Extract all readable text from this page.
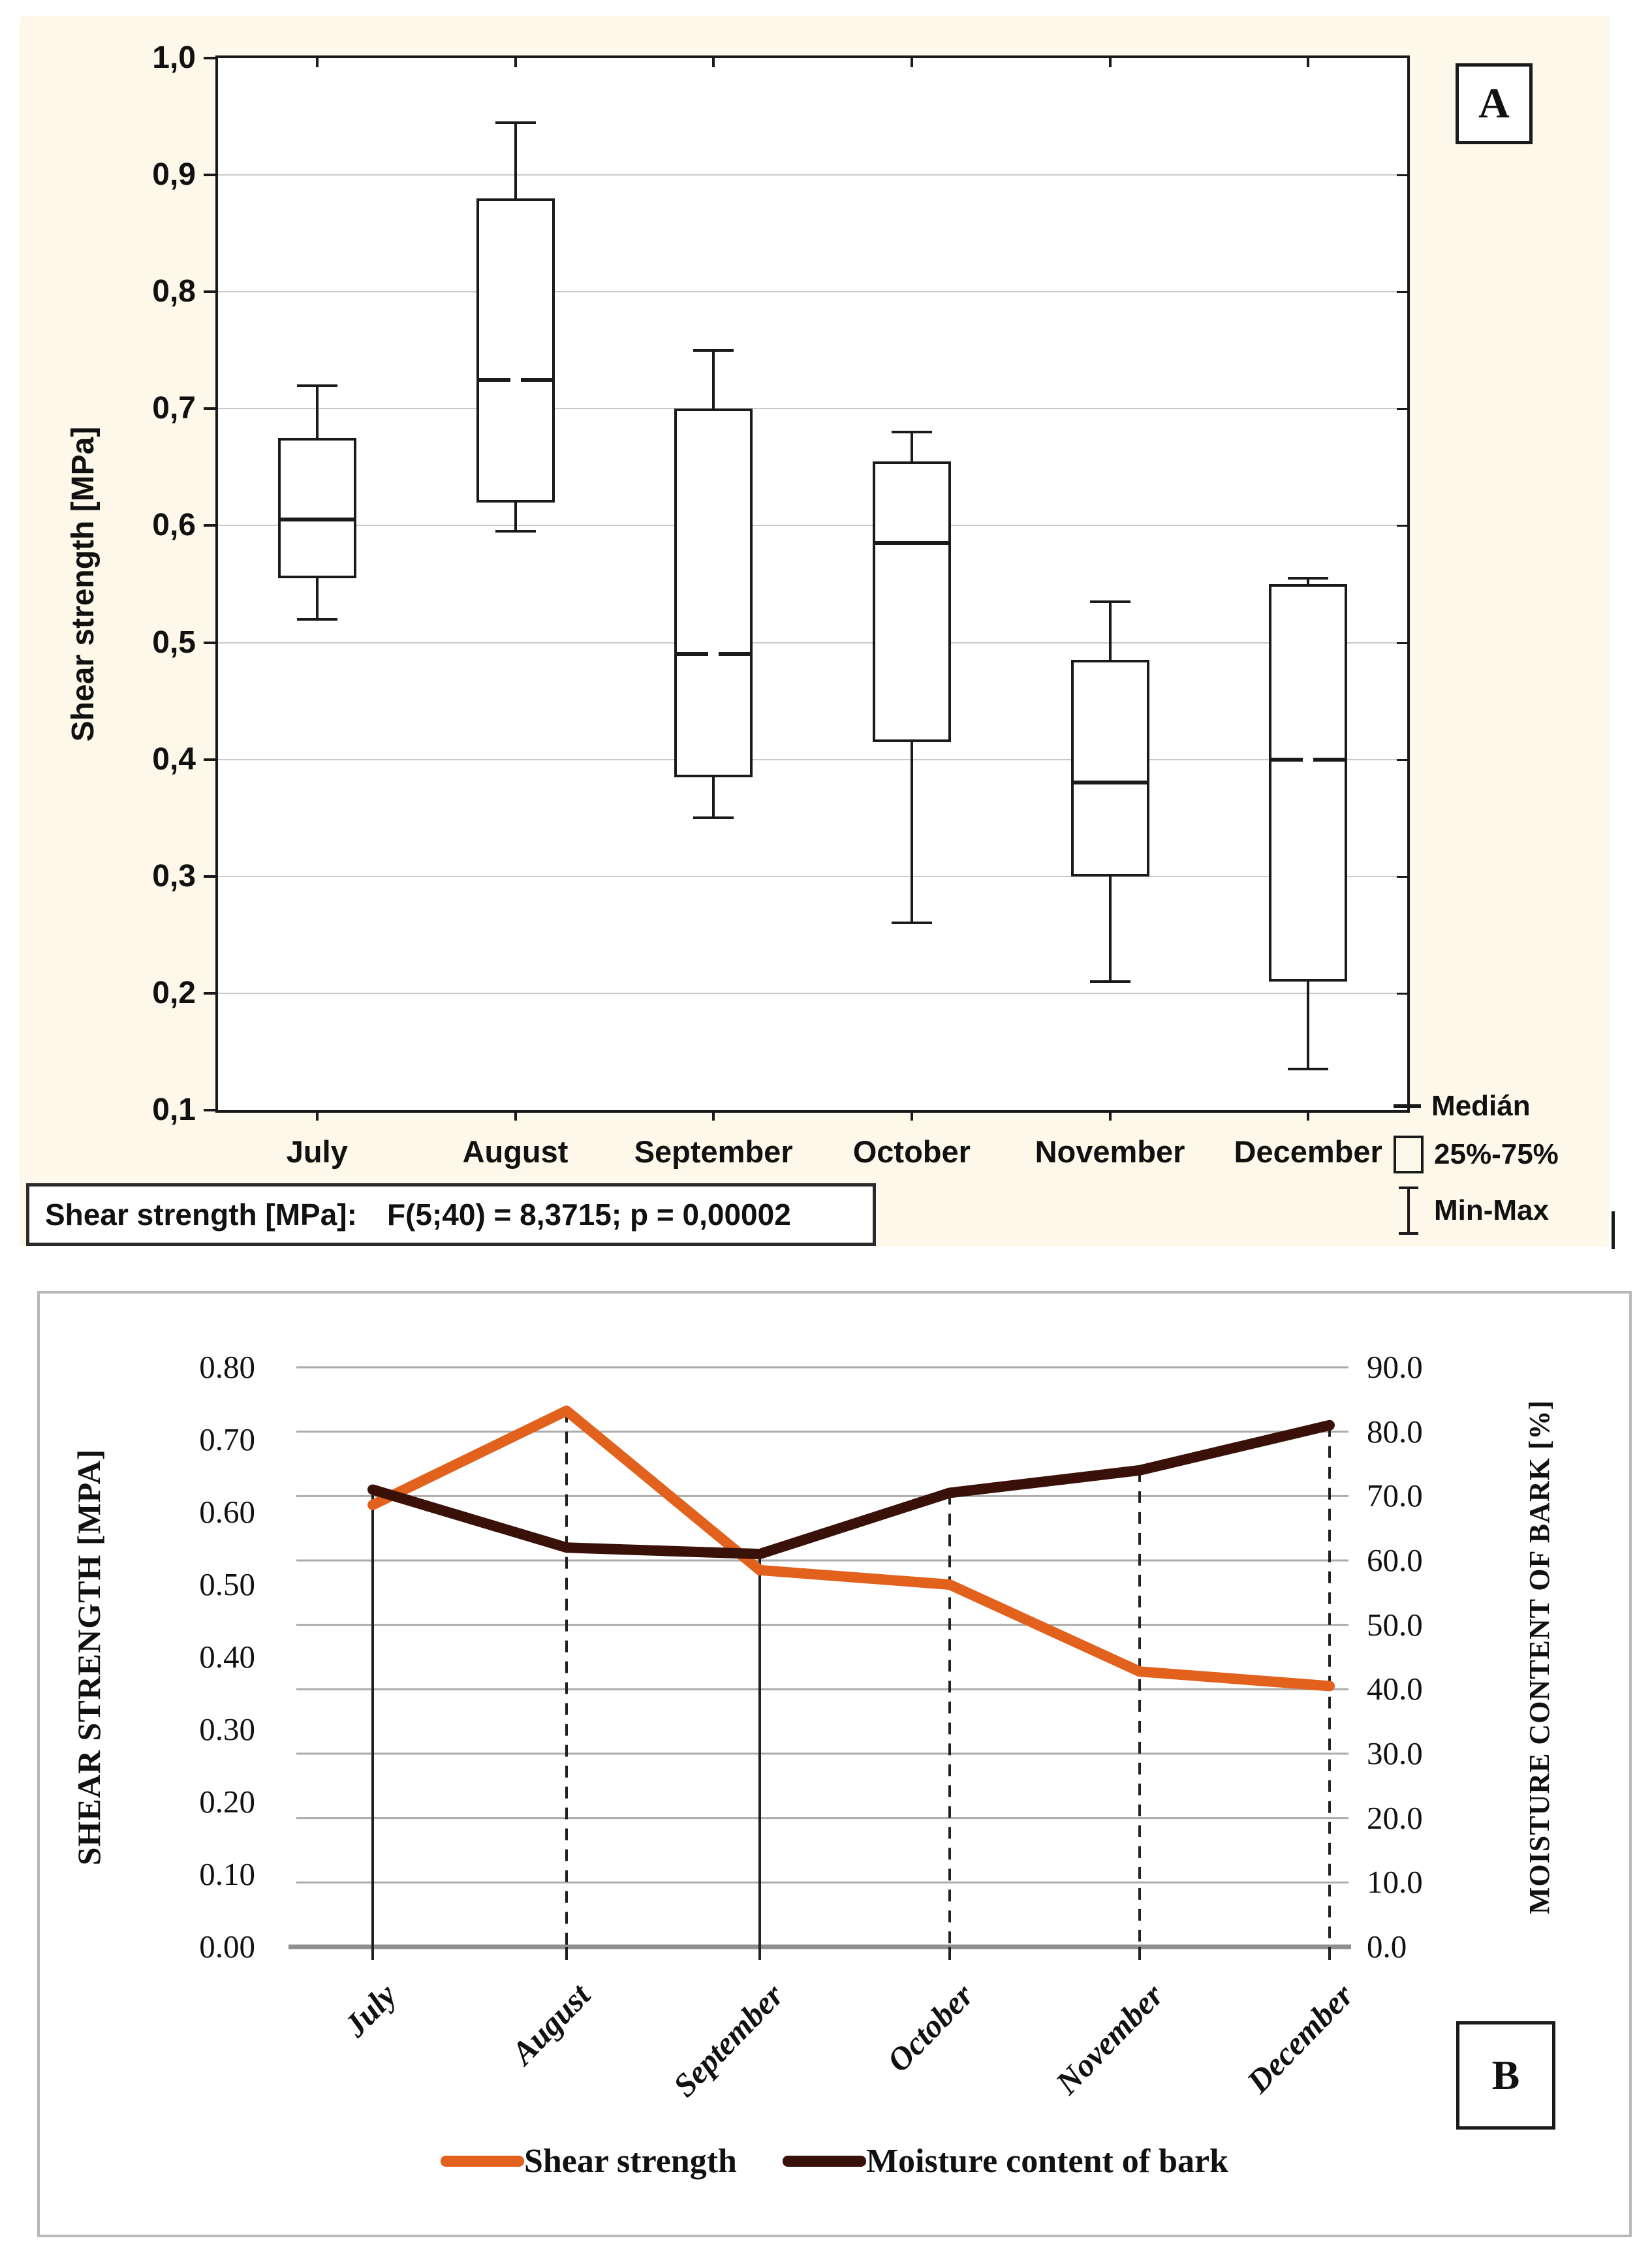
1,0
0,9
0,8
0,7
0,6
0,5
0,4
0,3
0,2
0,1
July	August	September	October	November	December
Shear strength [MPa]
Medián
25%-75%
Min-Max
Shear strength [MPa]: F(5;40) = 8,3715; p = 0,00002
A
0.80
0.70
0.60
0.50
0.40
0.30
0.20
0.10
0.00
90.0
80.0
70.0
60.0
50.0
40.0
30.0
20.0
10.0
0.0
July	August	September	October	November	December
SHEAR STRENGTH [MPA]	MOISTURE CONTENT OF BARK [%]
Shear strength	Moisture content of bark
B
